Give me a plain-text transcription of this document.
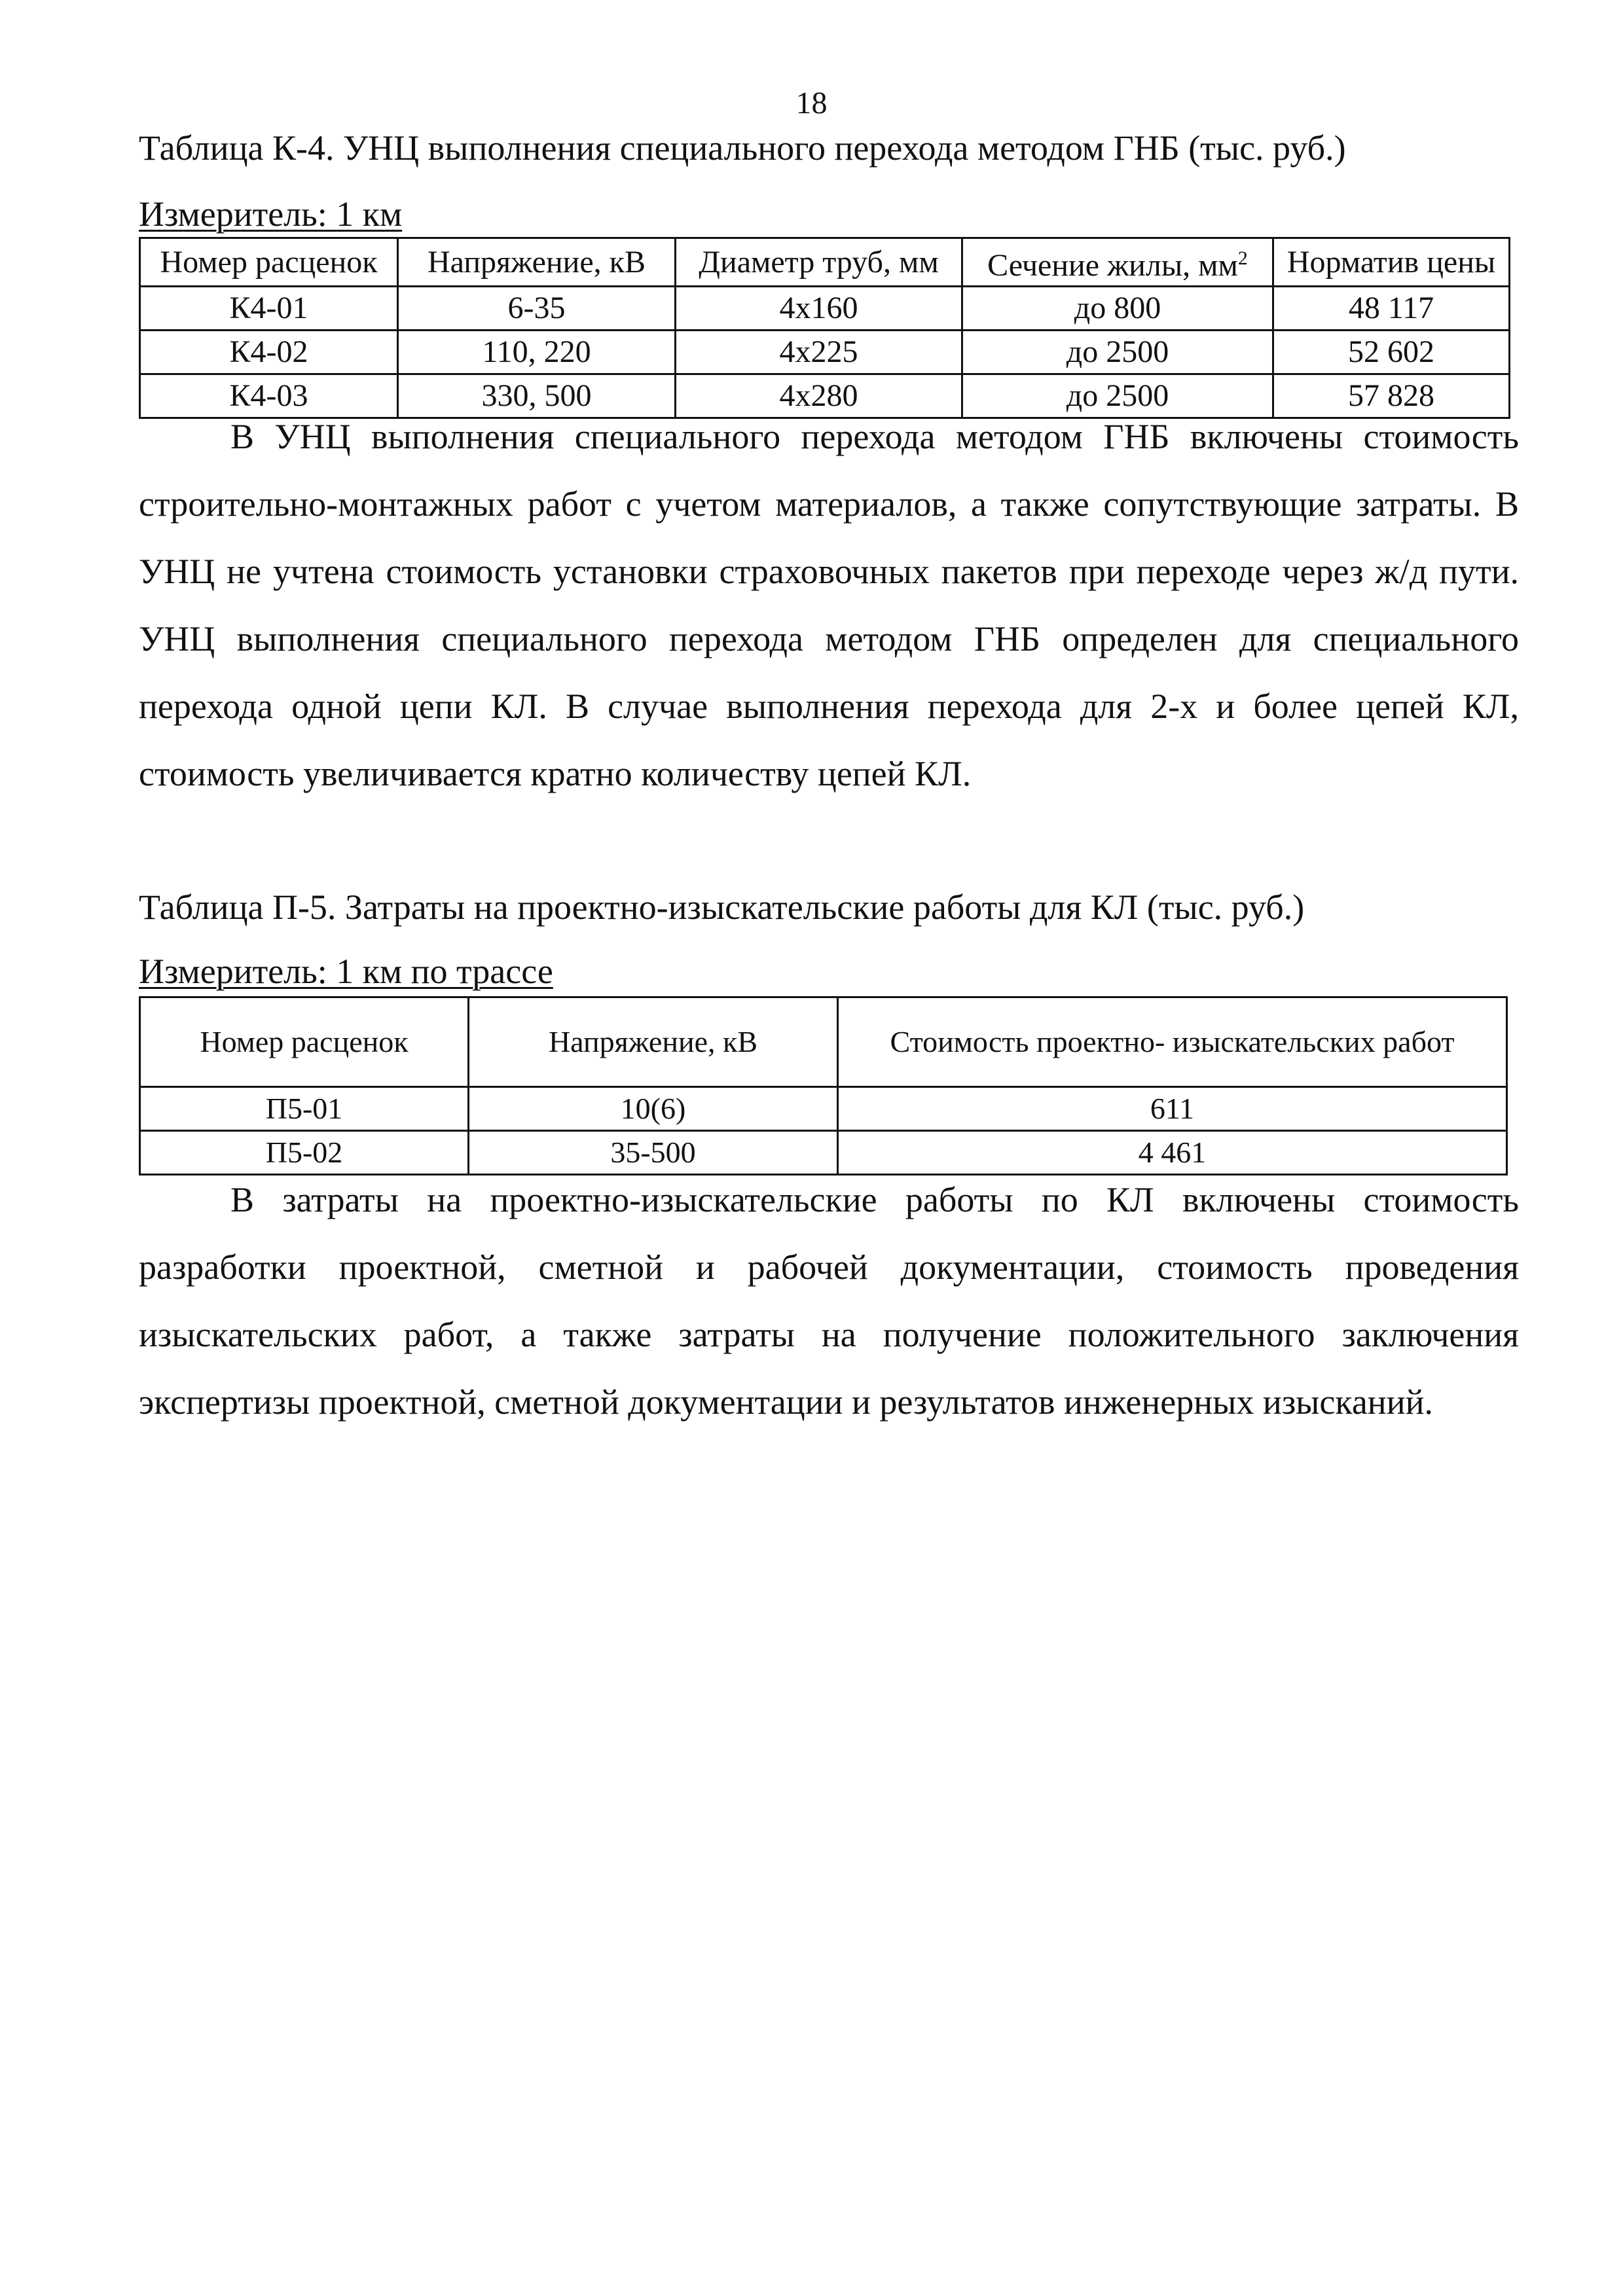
18
Таблица К-4. УНЦ выполнения специального перехода методом ГНБ (тыс. руб.)
Измеритель: 1 км
Номер расценок	Напряжение, кВ	Диаметр труб, мм	Сечение жилы, $мм^2$	Норматив цены
К4-01	6-35	4х160	до 800	48 117
К4-02	110, 220	4х225	до 2500	52 602
К4-03	330, 500	4х280	до 2500	57 828

В УНЦ выполнения специального перехода методом ГНБ включены стоимость строительно-монтажных работ с учетом материалов, а также сопутствующие затраты. В УНЦ не учтена стоимость установки страховочных пакетов при переходе через ж/д пути. УНЦ выполнения специального перехода методом ГНБ определен для специального перехода одной цепи КЛ. В случае выполнения перехода для 2-х и более цепей КЛ, стоимость увеличивается кратно количеству цепей КЛ.

Таблица П-5. Затраты на проектно-изыскательские работы для КЛ (тыс. руб.)
Измеритель: 1 км по трассе
Номер расценок	Напряжение, кВ	Стоимость проектно- изыскательских работ
П5-01	10(6)	611
П5-02	35-500	4 461

В затраты на проектно-изыскательские работы по КЛ включены стоимость разработки проектной, сметной и рабочей документации, стоимость проведения изыскательских работ, а также затраты на получение положительного заключения экспертизы проектной, сметной документации и результатов инженерных изысканий.
